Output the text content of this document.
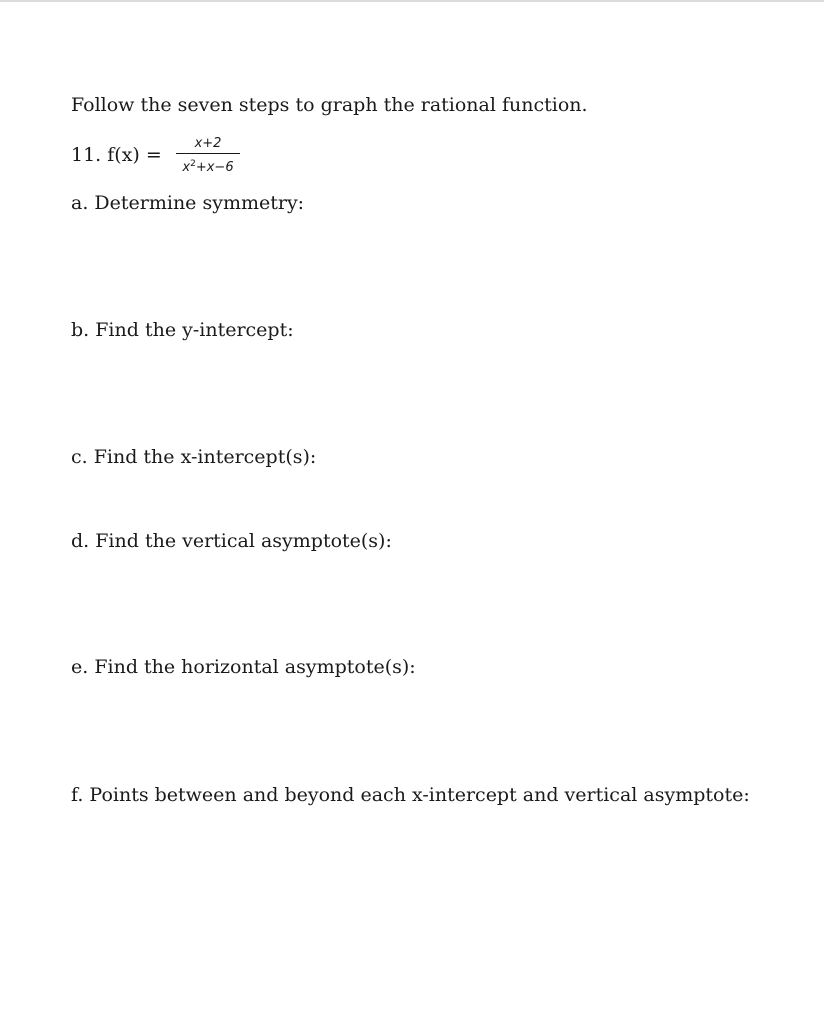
Follow the seven steps to graph the rational function.
11. f(x) =
x+2
$x^2+x-6$
a. Determine symmetry:
b. Find the y-intercept:
c. Find the x-intercept(s):
d. Find the vertical asymptote(s):
e. Find the horizontal asymptote(s):
f. Points between and beyond each x-intercept and vertical asymptote:
